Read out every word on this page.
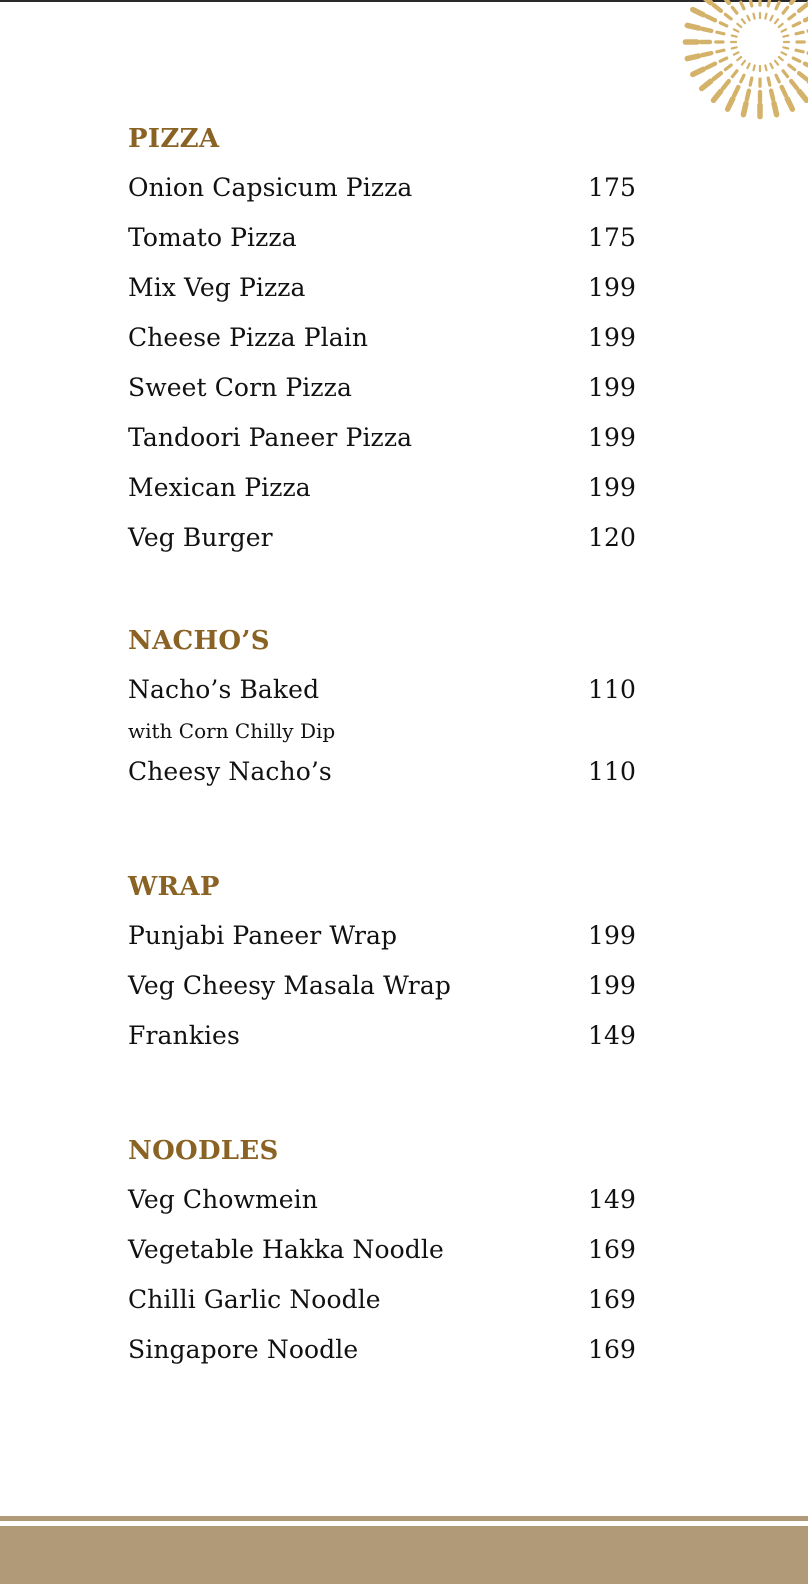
PIZZA
Onion Capsicum Pizza	175
Tomato Pizza	175
Mix Veg Pizza	199
Cheese Pizza Plain	199
Sweet Corn Pizza	199
Tandoori Paneer Pizza	199
Mexican Pizza	199
Veg Burger	120
NACHO’S
Nacho’s Baked	110
with Corn Chilly Dip
Cheesy Nacho’s	110
WRAP
Punjabi Paneer Wrap	199
Veg Cheesy Masala Wrap	199
Frankies	149
NOODLES
Veg Chowmein	149
Vegetable Hakka Noodle	169
Chilli Garlic Noodle	169
Singapore Noodle	169
